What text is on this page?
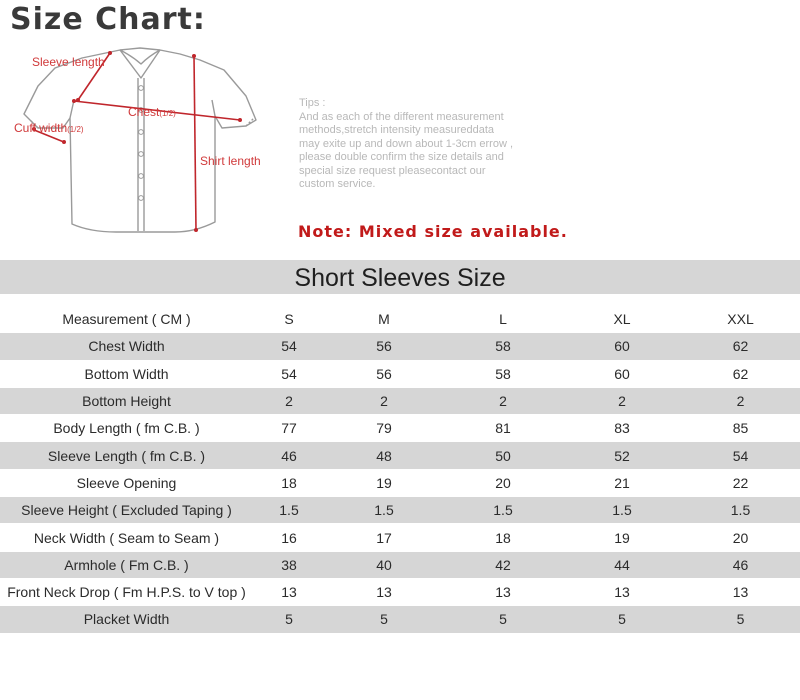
Size Chart:
Sleeve length
Chest(1/2)
Cuff width(1/2)
Shirt length
Tips :
And as each of the different measurement
methods,stretch intensity measureddata
may exite up and down about 1-3cm errow ,
please double confirm the size details and
special size request pleasecontact our
custom service.
Note: Mixed size available.
Short Sleeves Size
Measurement ( CM )	S	M	L	XL	XXL
Chest Width	54	56	58	60	62
Bottom Width	54	56	58	60	62
Bottom Height	2	2	2	2	2
Body Length ( fm C.B. )	77	79	81	83	85
Sleeve Length ( fm C.B. )	46	48	50	52	54
Sleeve Opening	18	19	20	21	22
Sleeve Height ( Excluded Taping )	1.5	1.5	1.5	1.5	1.5
Neck Width ( Seam to Seam )	16	17	18	19	20
Armhole ( Fm C.B. )	38	40	42	44	46
Front Neck Drop ( Fm H.P.S. to V top )	13	13	13	13	13
Placket Width	5	5	5	5	5
